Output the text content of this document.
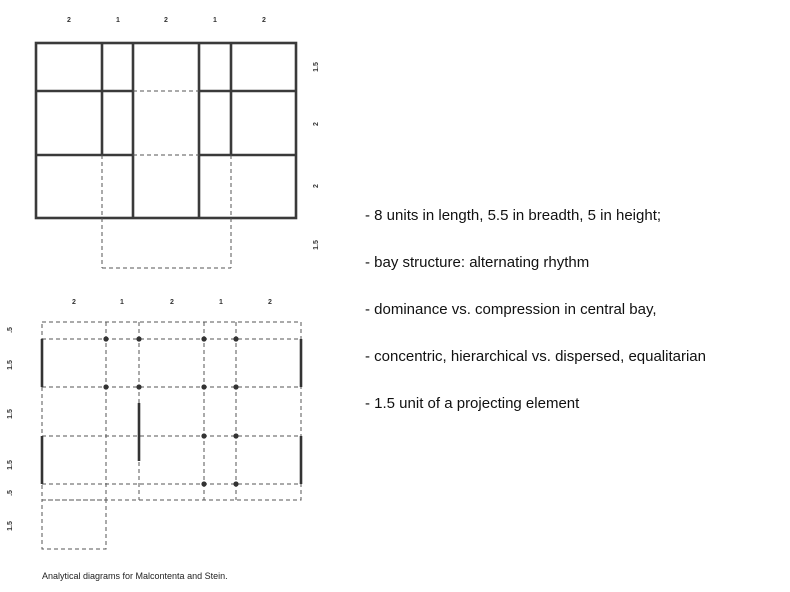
2	1	2	1	2
1.5
2
2
1.5
2	1	2	1	2
.5
1.5
1.5
1.5
.5
1.5
- 8 units in length, 5.5 in breadth, 5 in height;
- bay structure: alternating rhythm
- dominance vs. compression in central bay,
- concentric, hierarchical vs. dispersed, equalitarian
- 1.5 unit of a projecting element
Analytical diagrams for Malcontenta and Stein.
